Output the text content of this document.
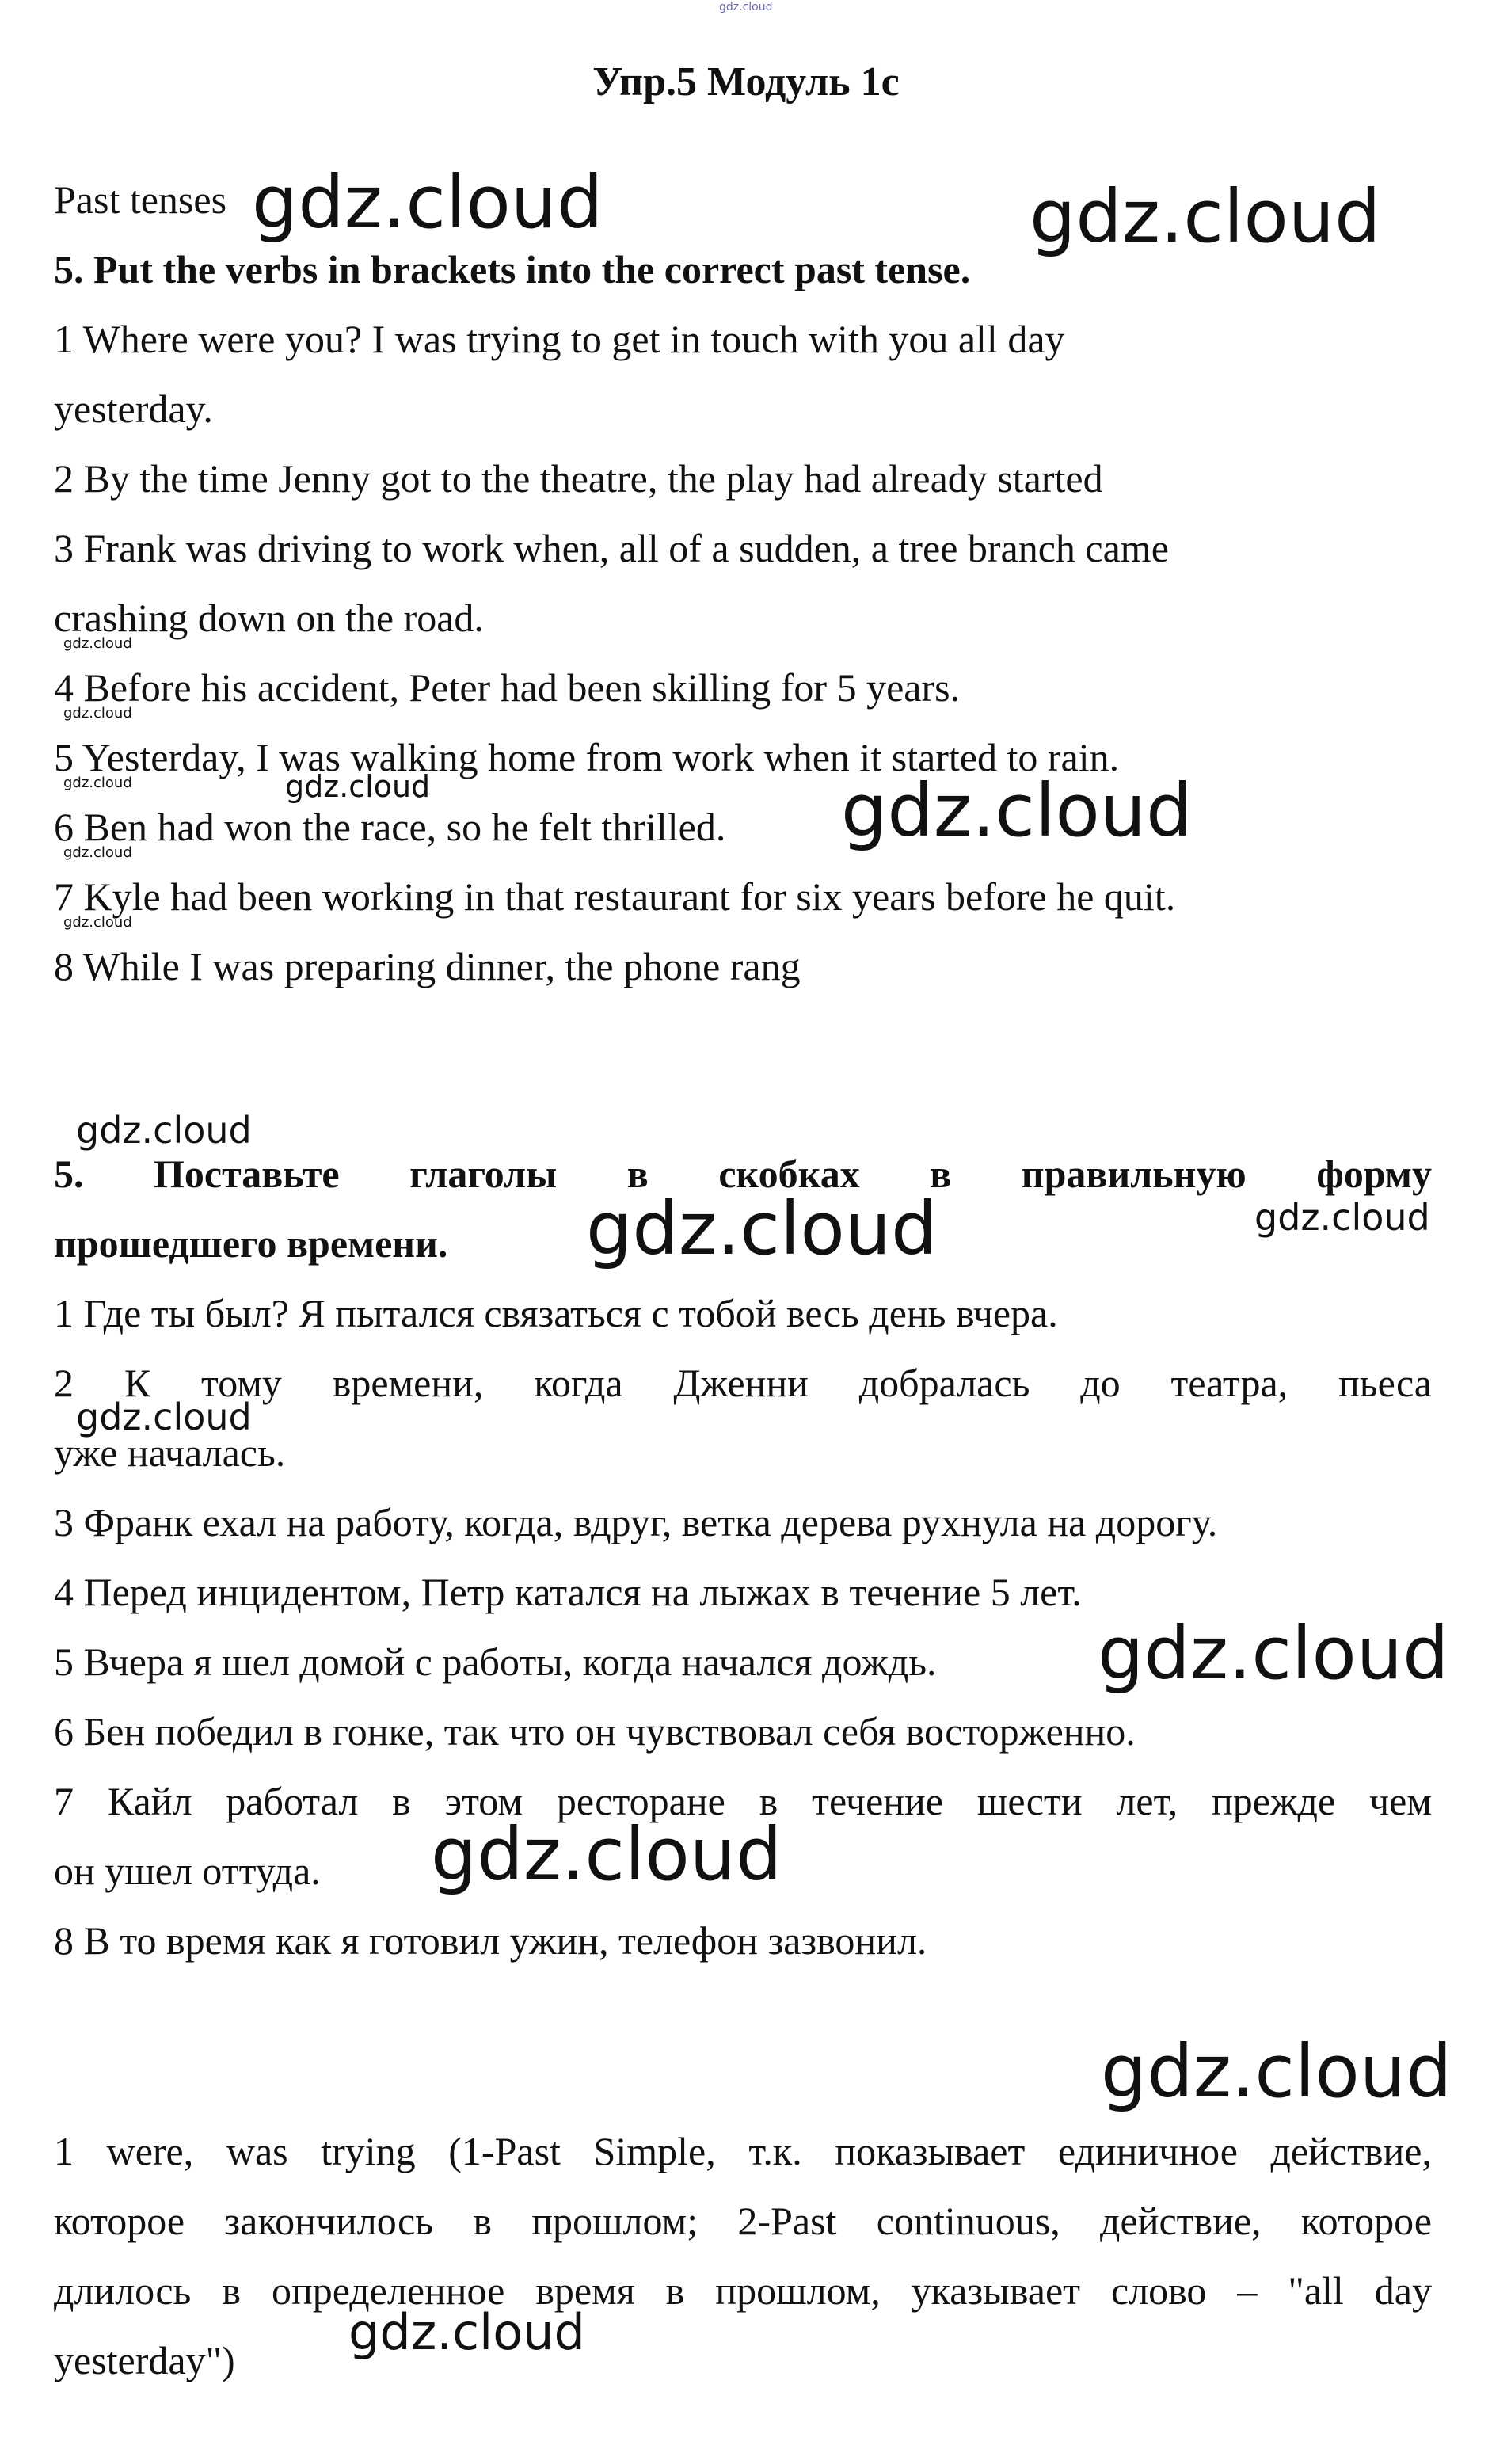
gdz.cloud
Упр.5 Модуль 1с
Past tenses
5. Put the verbs in brackets into the correct past tense.
1 Where were you? I was trying to get in touch with you all day
yesterday.
2 By the time Jenny got to the theatre, the play had already started
3 Frank was driving to work when, all of a sudden, a tree branch came
crashing down on the road.
4 Before his accident, Peter had been skilling for 5 years.
5 Yesterday, I was walking home from work when it started to rain.
6 Ben had won the race, so he felt thrilled.
7 Kyle had been working in that restaurant for six years before he quit.
8 While I was preparing dinner, the phone rang
5. Поставьте глаголы в скобках в правильную форму
прошедшего времени.
1 Где ты был? Я пытался связаться с тобой весь день вчера.
2 К тому времени, когда Дженни добралась до театра, пьеса
уже началась.
3 Франк ехал на работу, когда, вдруг, ветка дерева рухнула на дорогу.
4 Перед инцидентом, Петр катался на лыжах в течение 5 лет.
5 Вчера я шел домой с работы, когда начался дождь.
6 Бен победил в гонке, так что он чувствовал себя восторженно.
7 Кайл работал в этом ресторане в течение шести лет, прежде чем
он ушел оттуда.
8 В то время как я готовил ужин, телефон зазвонил.
1 were, was trying (1-Past Simple, т.к. показывает единичное действие,
которое закончилось в прошлом; 2-Past continuous, действие, которое
длилось в определенное время в прошлом, указывает слово – "all day
yesterday")
gdz.cloud	gdz.cloud
gdz.cloud
gdz.cloud
gdz.cloud
gdz.cloud
gdz.cloud
gdz.cloud	gdz.cloud
gdz.cloud
gdz.cloud	gdz.cloud
gdz.cloud
gdz.cloud
gdz.cloud
gdz.cloud
gdz.cloud
